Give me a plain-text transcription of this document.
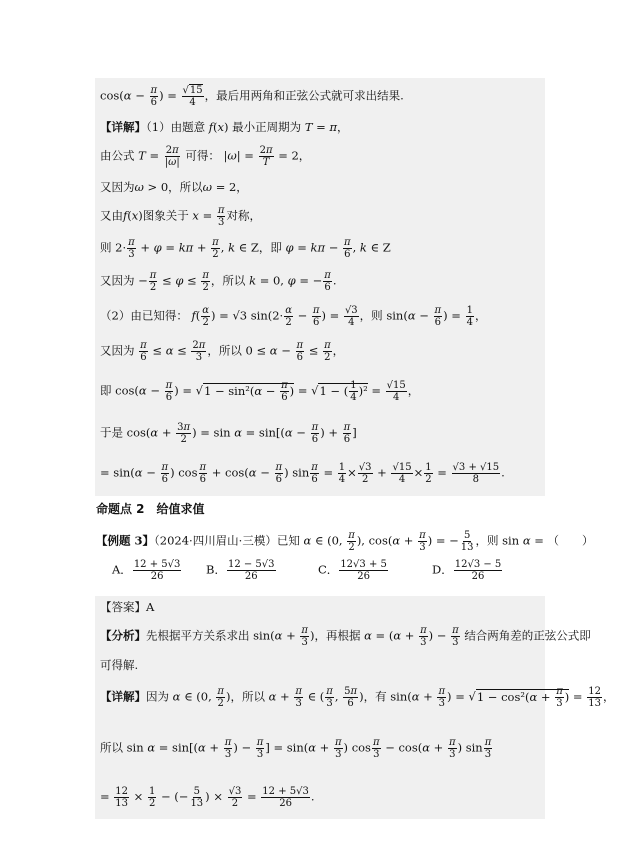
$\cos(\alpha - \frac{\pi}{6}$ ) = $\frac{√15}{4}$ ，最后用两角和正弦公式就可求出结果.
【详解】（1）由题意 f(x) 最小正周期为 T = π，
由公式 $T = \frac{2\pi}{|\omega|}$ 可得： $|\omega| = \frac{2\pi}{T} = 2$，
又因为ω > 0，所以ω = 2，
又由f(x)图象关于 $x = \frac{\pi}{3}$ 对称，
则 $2\cdot \frac{\pi}{3} + \varphi = k\pi + \frac{\pi}{2}$ , k ∈ Z，即 $\varphi = k\pi - \frac{\pi}{6}$ , k ∈ Z
又因为 − $\frac{\pi}{2} \le \varphi \le \frac{\pi}{2}$ ，所以 k = 0, φ = − $\frac{\pi}{6}$ .
（2）由已知得： $f( \frac{\alpha}{2}$ ) = √3 $\sin(2\cdot \frac{\alpha}{2} - \frac{\pi}{6}$ ) = $\frac{√3}{4}$ ，则 $\sin(\alpha - \frac{\pi}{6}$ ) = $\frac{1}{4}$ ，
又因为 $\frac{\pi}{6} \le \alpha \le \frac{2\pi}{3}$ ，所以 $0 \le \alpha - \frac{\pi}{6} \le \frac{\pi}{2}$ ，
即 $\cos(\alpha - \frac{\pi}{6}$ ) = $√1 - \sin^2(\alpha - \frac{\pi}{6}$ ) = √1 − ( $\frac{1}{4} )^2 = \frac{√15}{4}$ ，
于是 $\cos(\alpha + \frac{3\pi}{2}$ ) = $\sin \alpha = \sin[(\alpha - \frac{\pi}{6}$ ) + $\frac{\pi}{6}$ ]
= $\sin(\alpha - \frac{\pi}{6}$ ) $\cos \frac{\pi}{6} + \cos(\alpha - \frac{\pi}{6}$ ) $\sin \frac{\pi}{6} = \frac{1}{4} \times \frac{√3}{2} + \frac{√15}{4} \times \frac{1}{2} = \frac{√3 + √15}{8}$ .
命题点 2　给值求值
【例题 3】（2024·四川眉山·三模）已知 α ∈ (0, $\frac{\pi}{2}$ ), $\cos(\alpha + \frac{\pi}{3}$ ) = − $\frac{5}{13}$ ，则 sin α = （　　）
A． $\frac{12 + 5√3}{26}$ B． $\frac{12 - 5√3}{26}$	C． $\frac{12√3 + 5}{26}$	D． $\frac{12√3 - 5}{26}$
【答案】A
【分析】先根据平方关系求出 $\sin(\alpha + \frac{\pi}{3}$ )，再根据 $\alpha = (\alpha + \frac{\pi}{3}$ ) − $\frac{\pi}{3}$ 结合两角差的正弦公式即
可得解.
【详解】因为 α ∈ (0, $\frac{\pi}{2}$ )，所以 $\alpha + \frac{\pi}{3}$ ∈ ( $\frac{\pi}{3}$ , $\frac{5\pi}{6}$ )，有 $\sin(\alpha + \frac{\pi}{3}$ ) = $√1 - \cos^2(\alpha + \frac{\pi}{3}$ ) = $\frac{12}{13}$ ，
所以 $\sin \alpha = \sin[(\alpha + \frac{\pi}{3}$ ) − $\frac{\pi}{3}$ ] = $\sin(\alpha + \frac{\pi}{3}$ ) $\cos \frac{\pi}{3} - \cos(\alpha + \frac{\pi}{3}$ ) $\sin \frac{\pi}{3}$
= $\frac{12}{13} \times \frac{1}{2}$ − (− $\frac{5}{13}$ ) × $\frac{√3}{2} = \frac{12 + 5√3}{26}$ .
